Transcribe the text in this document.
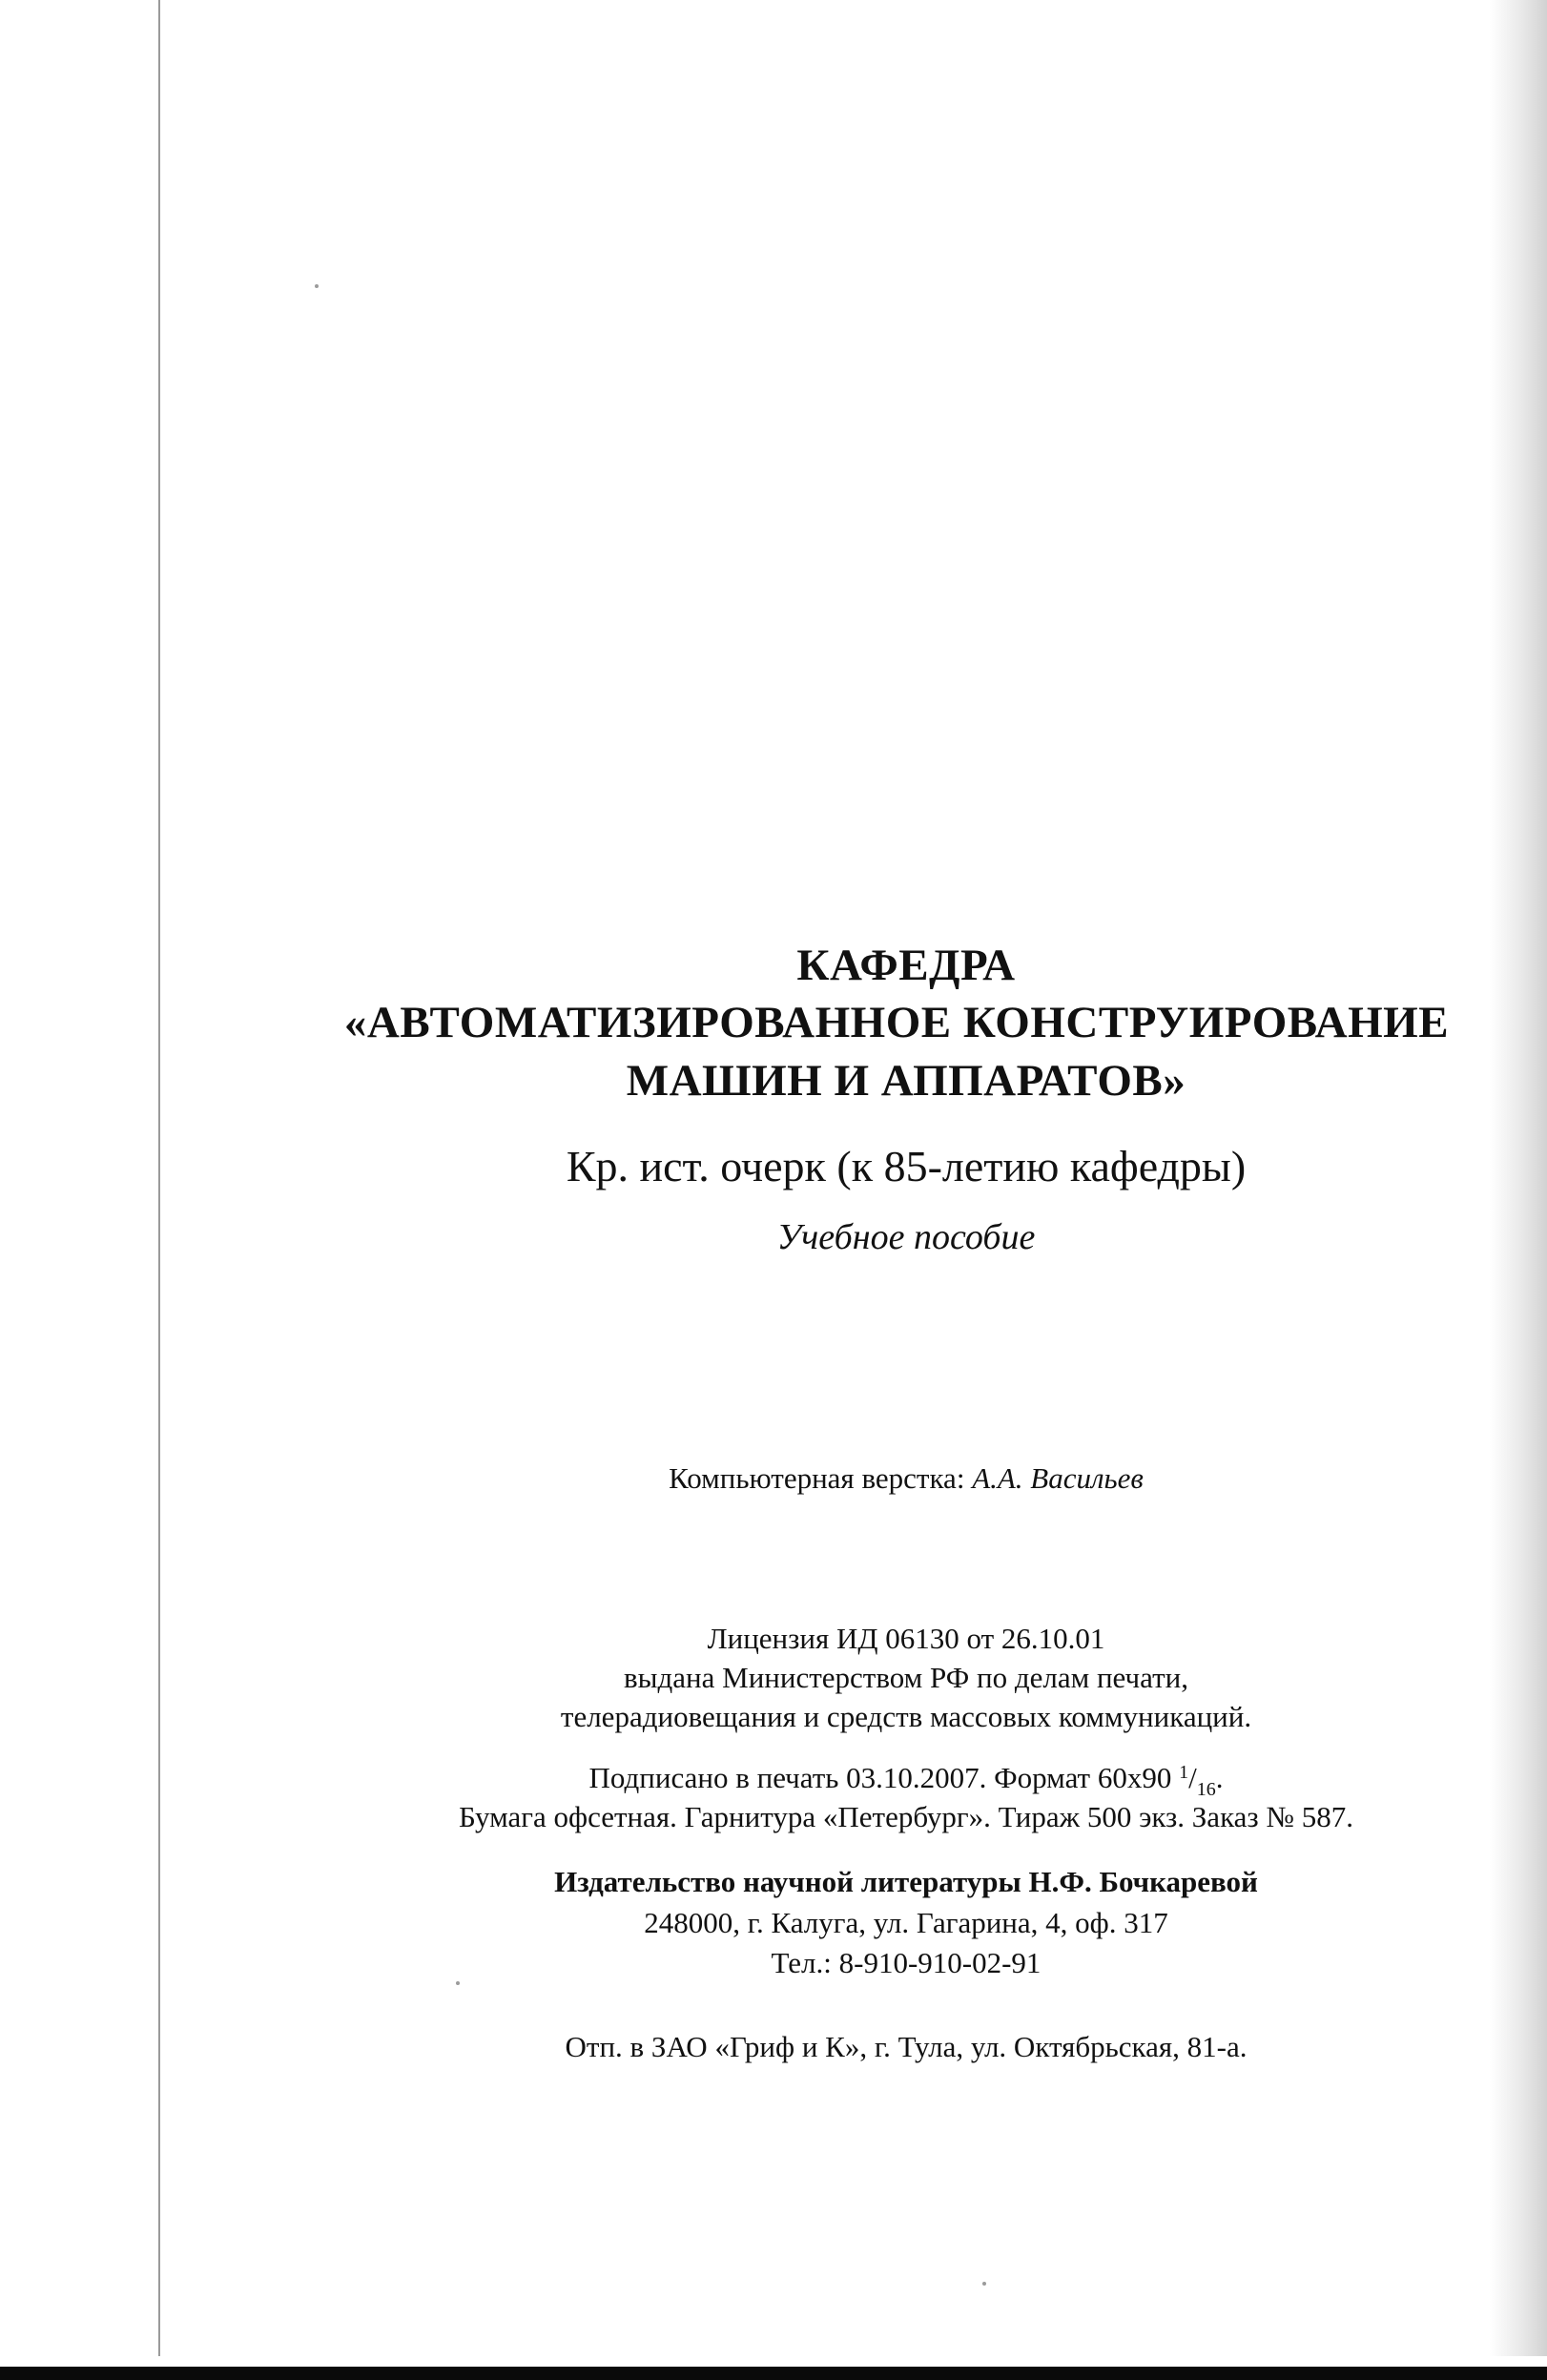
КАФЕДРА
«АВТОМАТИЗИРОВАННОЕ КОНСТРУИРОВАНИЕ
МАШИН И АППАРАТОВ»
Кр. ист. очерк (к 85-летию кафедры)
Учебное пособие
Компьютерная верстка: А.А. Васильев
Лицензия ИД 06130 от 26.10.01
выдана Министерством РФ по делам печати,
телерадиовещания и средств массовых коммуникаций.
Подписано в печать 03.10.2007. Формат 60x90 $^1/_{16}$.
Бумага офсетная. Гарнитура «Петербург». Тираж 500 экз. Заказ № 587.
Издательство научной литературы Н.Ф. Бочкаревой
248000, г. Калуга, ул. Гагарина, 4, оф. 317
Тел.: 8-910-910-02-91
Отп. в ЗАО «Гриф и К», г. Тула, ул. Октябрьская, 81-а.
